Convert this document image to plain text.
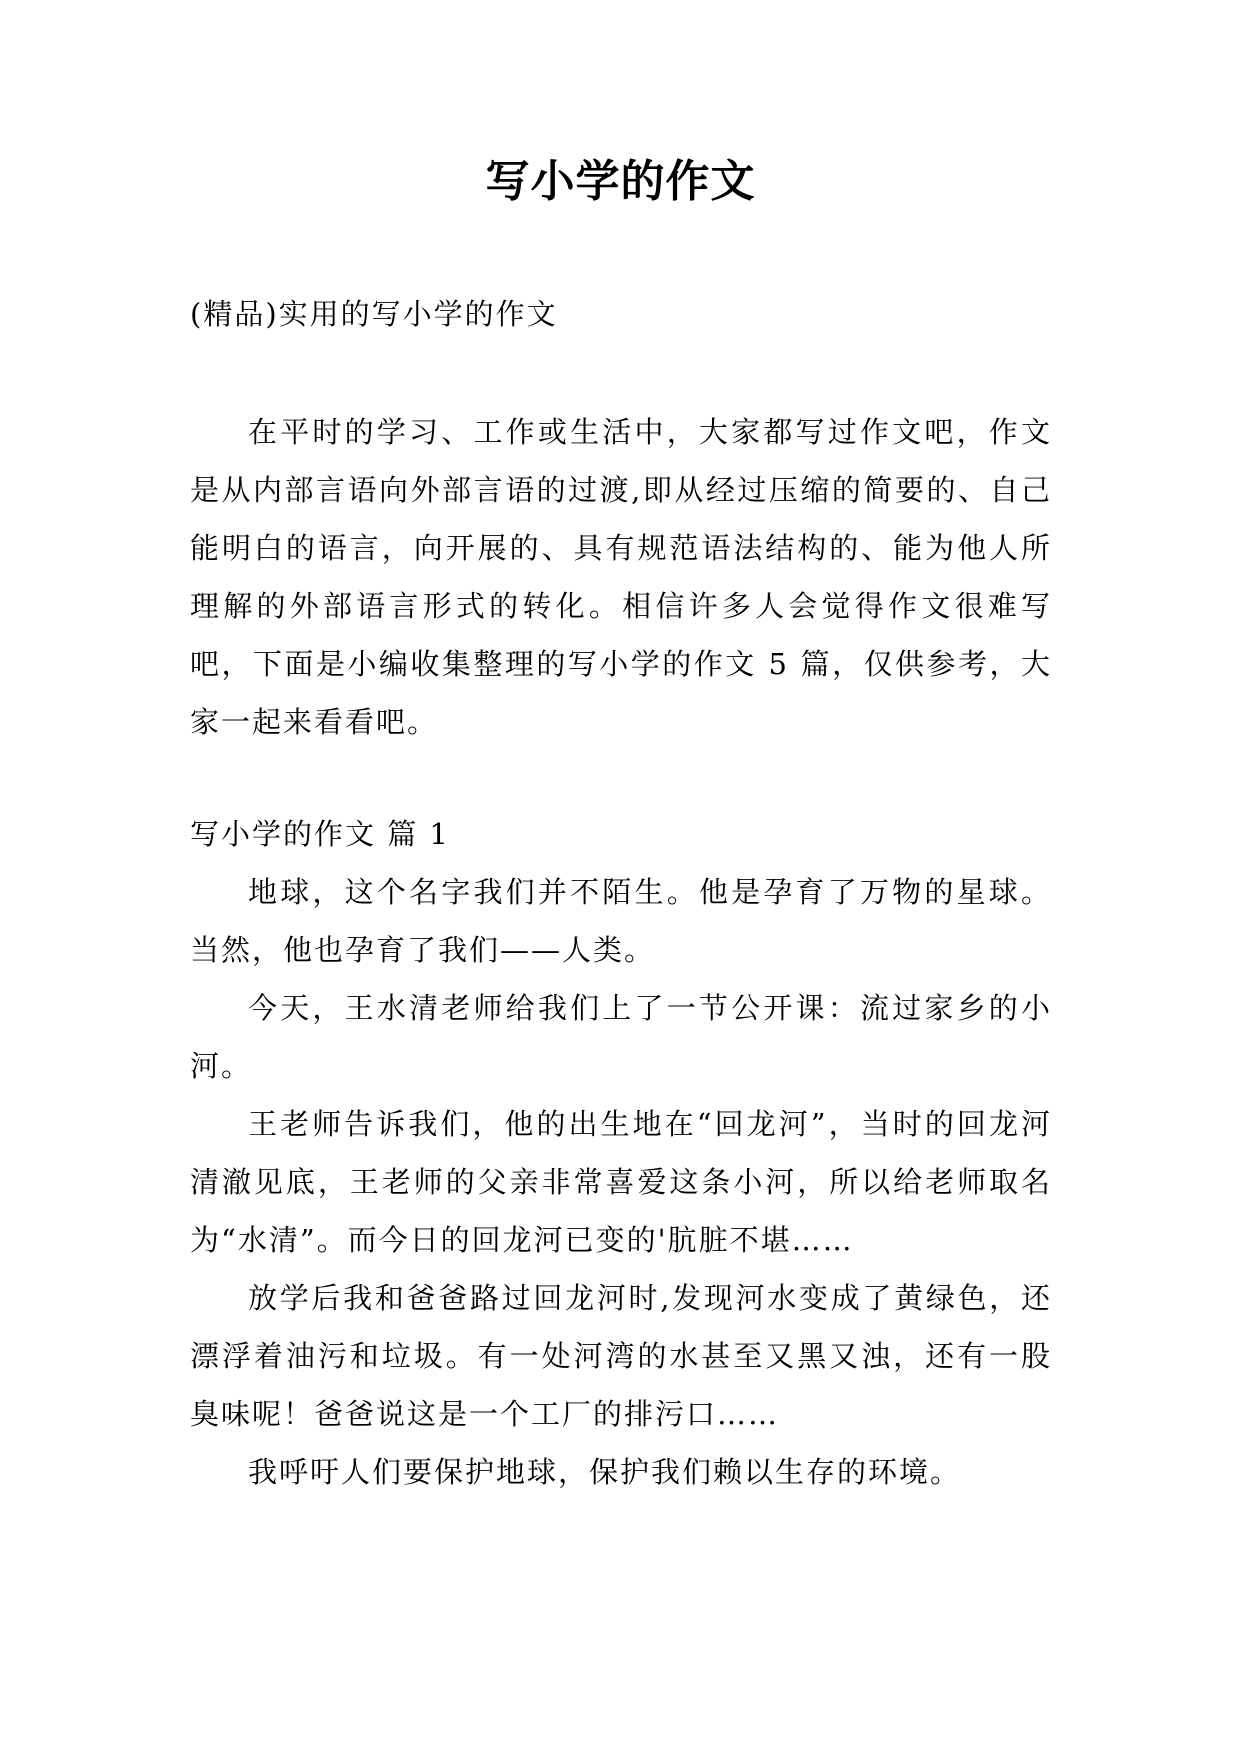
写小学的作文

(精品)实用的写小学的作文

在平时的学习、工作或生活中，大家都写过作文吧，作文是从内部言语向外部言语的过渡,即从经过压缩的简要的、自己能明白的语言，向开展的、具有规范语法结构的、能为他人所理解的外部语言形式的转化。相信许多人会觉得作文很难写吧，下面是小编收集整理的写小学的作文 5 篇，仅供参考，大家一起来看看吧。

写小学的作文 篇 1

地球，这个名字我们并不陌生。他是孕育了万物的星球。当然，他也孕育了我们——人类。

今天，王水清老师给我们上了一节公开课：流过家乡的小河。

王老师告诉我们，他的出生地在“回龙河”，当时的回龙河清澈见底，王老师的父亲非常喜爱这条小河，所以给老师取名为“水清”。而今日的回龙河已变的'肮脏不堪……

放学后我和爸爸路过回龙河时,发现河水变成了黄绿色，还漂浮着油污和垃圾。有一处河湾的水甚至又黑又浊，还有一股臭味呢！爸爸说这是一个工厂的排污口……

我呼吁人们要保护地球，保护我们赖以生存的环境。
